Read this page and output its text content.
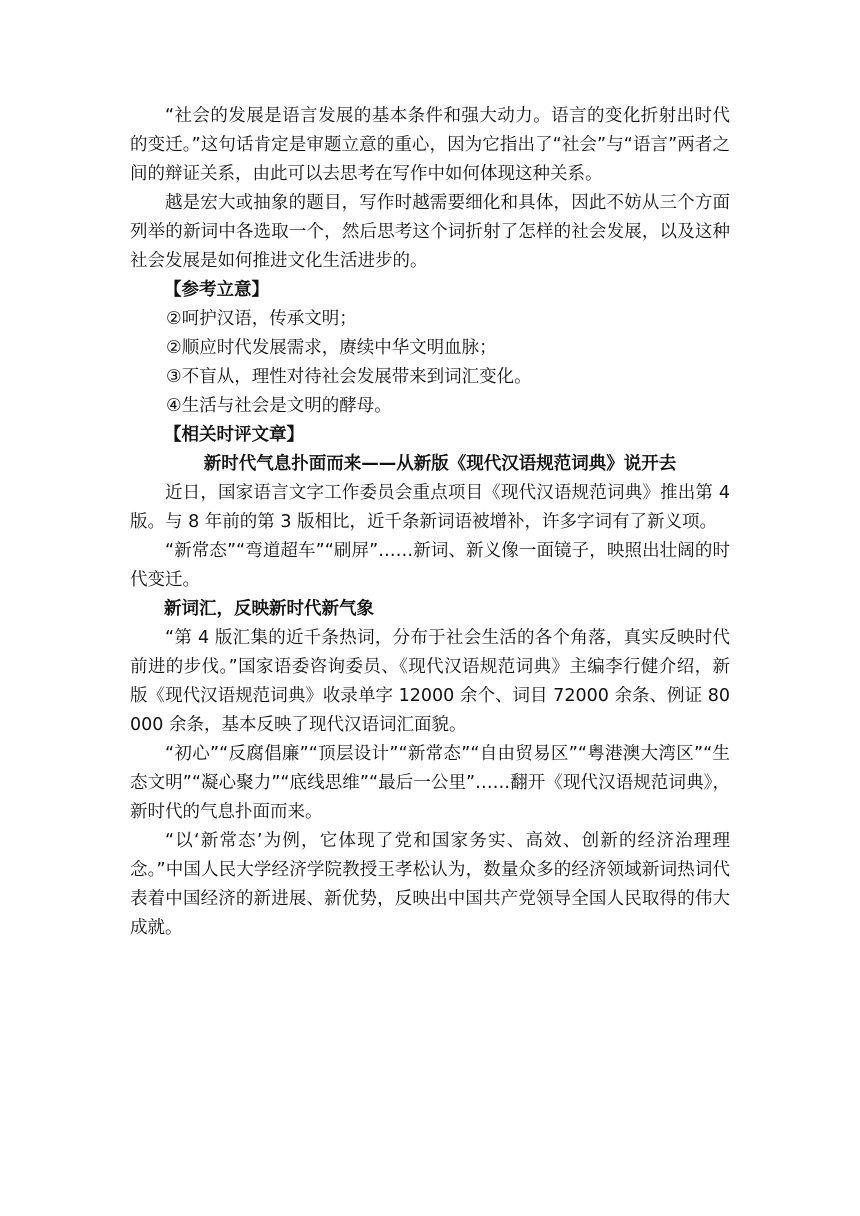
“社会的发展是语言发展的基本条件和强大动力。语言的变化折射出时代的变迁。”这句话肯定是审题立意的重心，因为它指出了“社会”与“语言”两者之间的辩证关系，由此可以去思考在写作中如何体现这种关系。

越是宏大或抽象的题目，写作时越需要细化和具体，因此不妨从三个方面列举的新词中各选取一个，然后思考这个词折射了怎样的社会发展，以及这种社会发展是如何推进文化生活进步的。

【参考立意】

②呵护汉语，传承文明；

②顺应时代发展需求，赓续中华文明血脉；

③不盲从，理性对待社会发展带来到词汇变化。

④生活与社会是文明的酵母。

【相关时评文章】

新时代气息扑面而来——从新版《现代汉语规范词典》说开去

近日，国家语言文字工作委员会重点项目《现代汉语规范词典》推出第 4 版。与 8 年前的第 3 版相比，近千条新词语被增补，许多字词有了新义项。

“新常态”“弯道超车”“刷屏”……新词、新义像一面镜子，映照出壮阔的时代变迁。

新词汇，反映新时代新气象

“第 4 版汇集的近千条热词，分布于社会生活的各个角落，真实反映时代前进的步伐。”国家语委咨询委员、《现代汉语规范词典》主编李行健介绍，新版《现代汉语规范词典》收录单字 12000 余个、词目 72000 余条、例证 80000 余条，基本反映了现代汉语词汇面貌。

“初心”“反腐倡廉”“顶层设计”“新常态”“自由贸易区”“粤港澳大湾区”“生态文明”“凝心聚力”“底线思维”“最后一公里”……翻开《现代汉语规范词典》，新时代的气息扑面而来。

“以‘新常态’为例，它体现了党和国家务实、高效、创新的经济治理理念。”中国人民大学经济学院教授王孝松认为，数量众多的经济领域新词热词代表着中国经济的新进展、新优势，反映出中国共产党领导全国人民取得的伟大成就。
